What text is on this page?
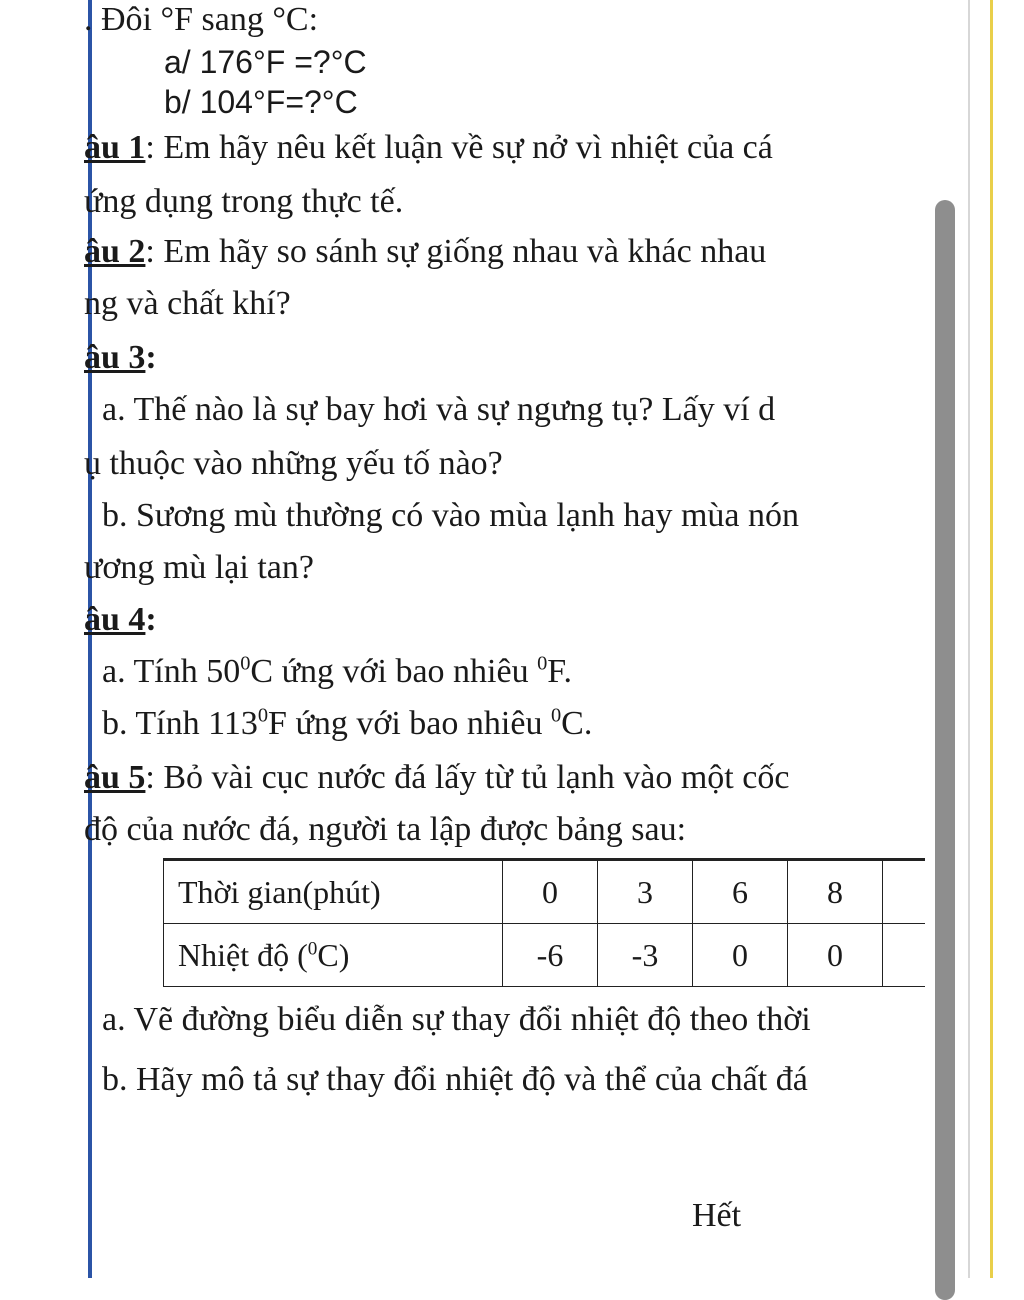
. Đôi °F sang °C:
a/ 176°F =?°C
b/ 104°F=?°C
âu 1: Em hãy nêu kết luận về sự nở vì nhiệt của cá
ứng dụng trong thực tế.
âu 2: Em hãy so sánh sự giống nhau và khác nhau
ng và chất khí?
âu 3:
a. Thế nào là sự bay hơi và sự ngưng tụ? Lấy ví d
ụ thuộc vào những yếu tố nào?
b. Sương mù thường có vào mùa lạnh hay mùa nón
ương mù lại tan?
âu 4:
a. Tính $50^0C$ ứng với bao nhiêu $^0$F.
b. Tính $113^0F$ ứng với bao nhiêu $^0$C.
âu 5: Bỏ vài cục nước đá lấy từ tủ lạnh vào một cốc
độ của nước đá, người ta lập được bảng sau:
Thời gian(phút)	0	3	6	8	
Nhiệt độ ($^0$C)	-6	-3	0	0	
a. Vẽ đường biểu diễn sự thay đổi nhiệt độ theo thời
b. Hãy mô tả sự thay đổi nhiệt độ và thể của chất đá
Hết
